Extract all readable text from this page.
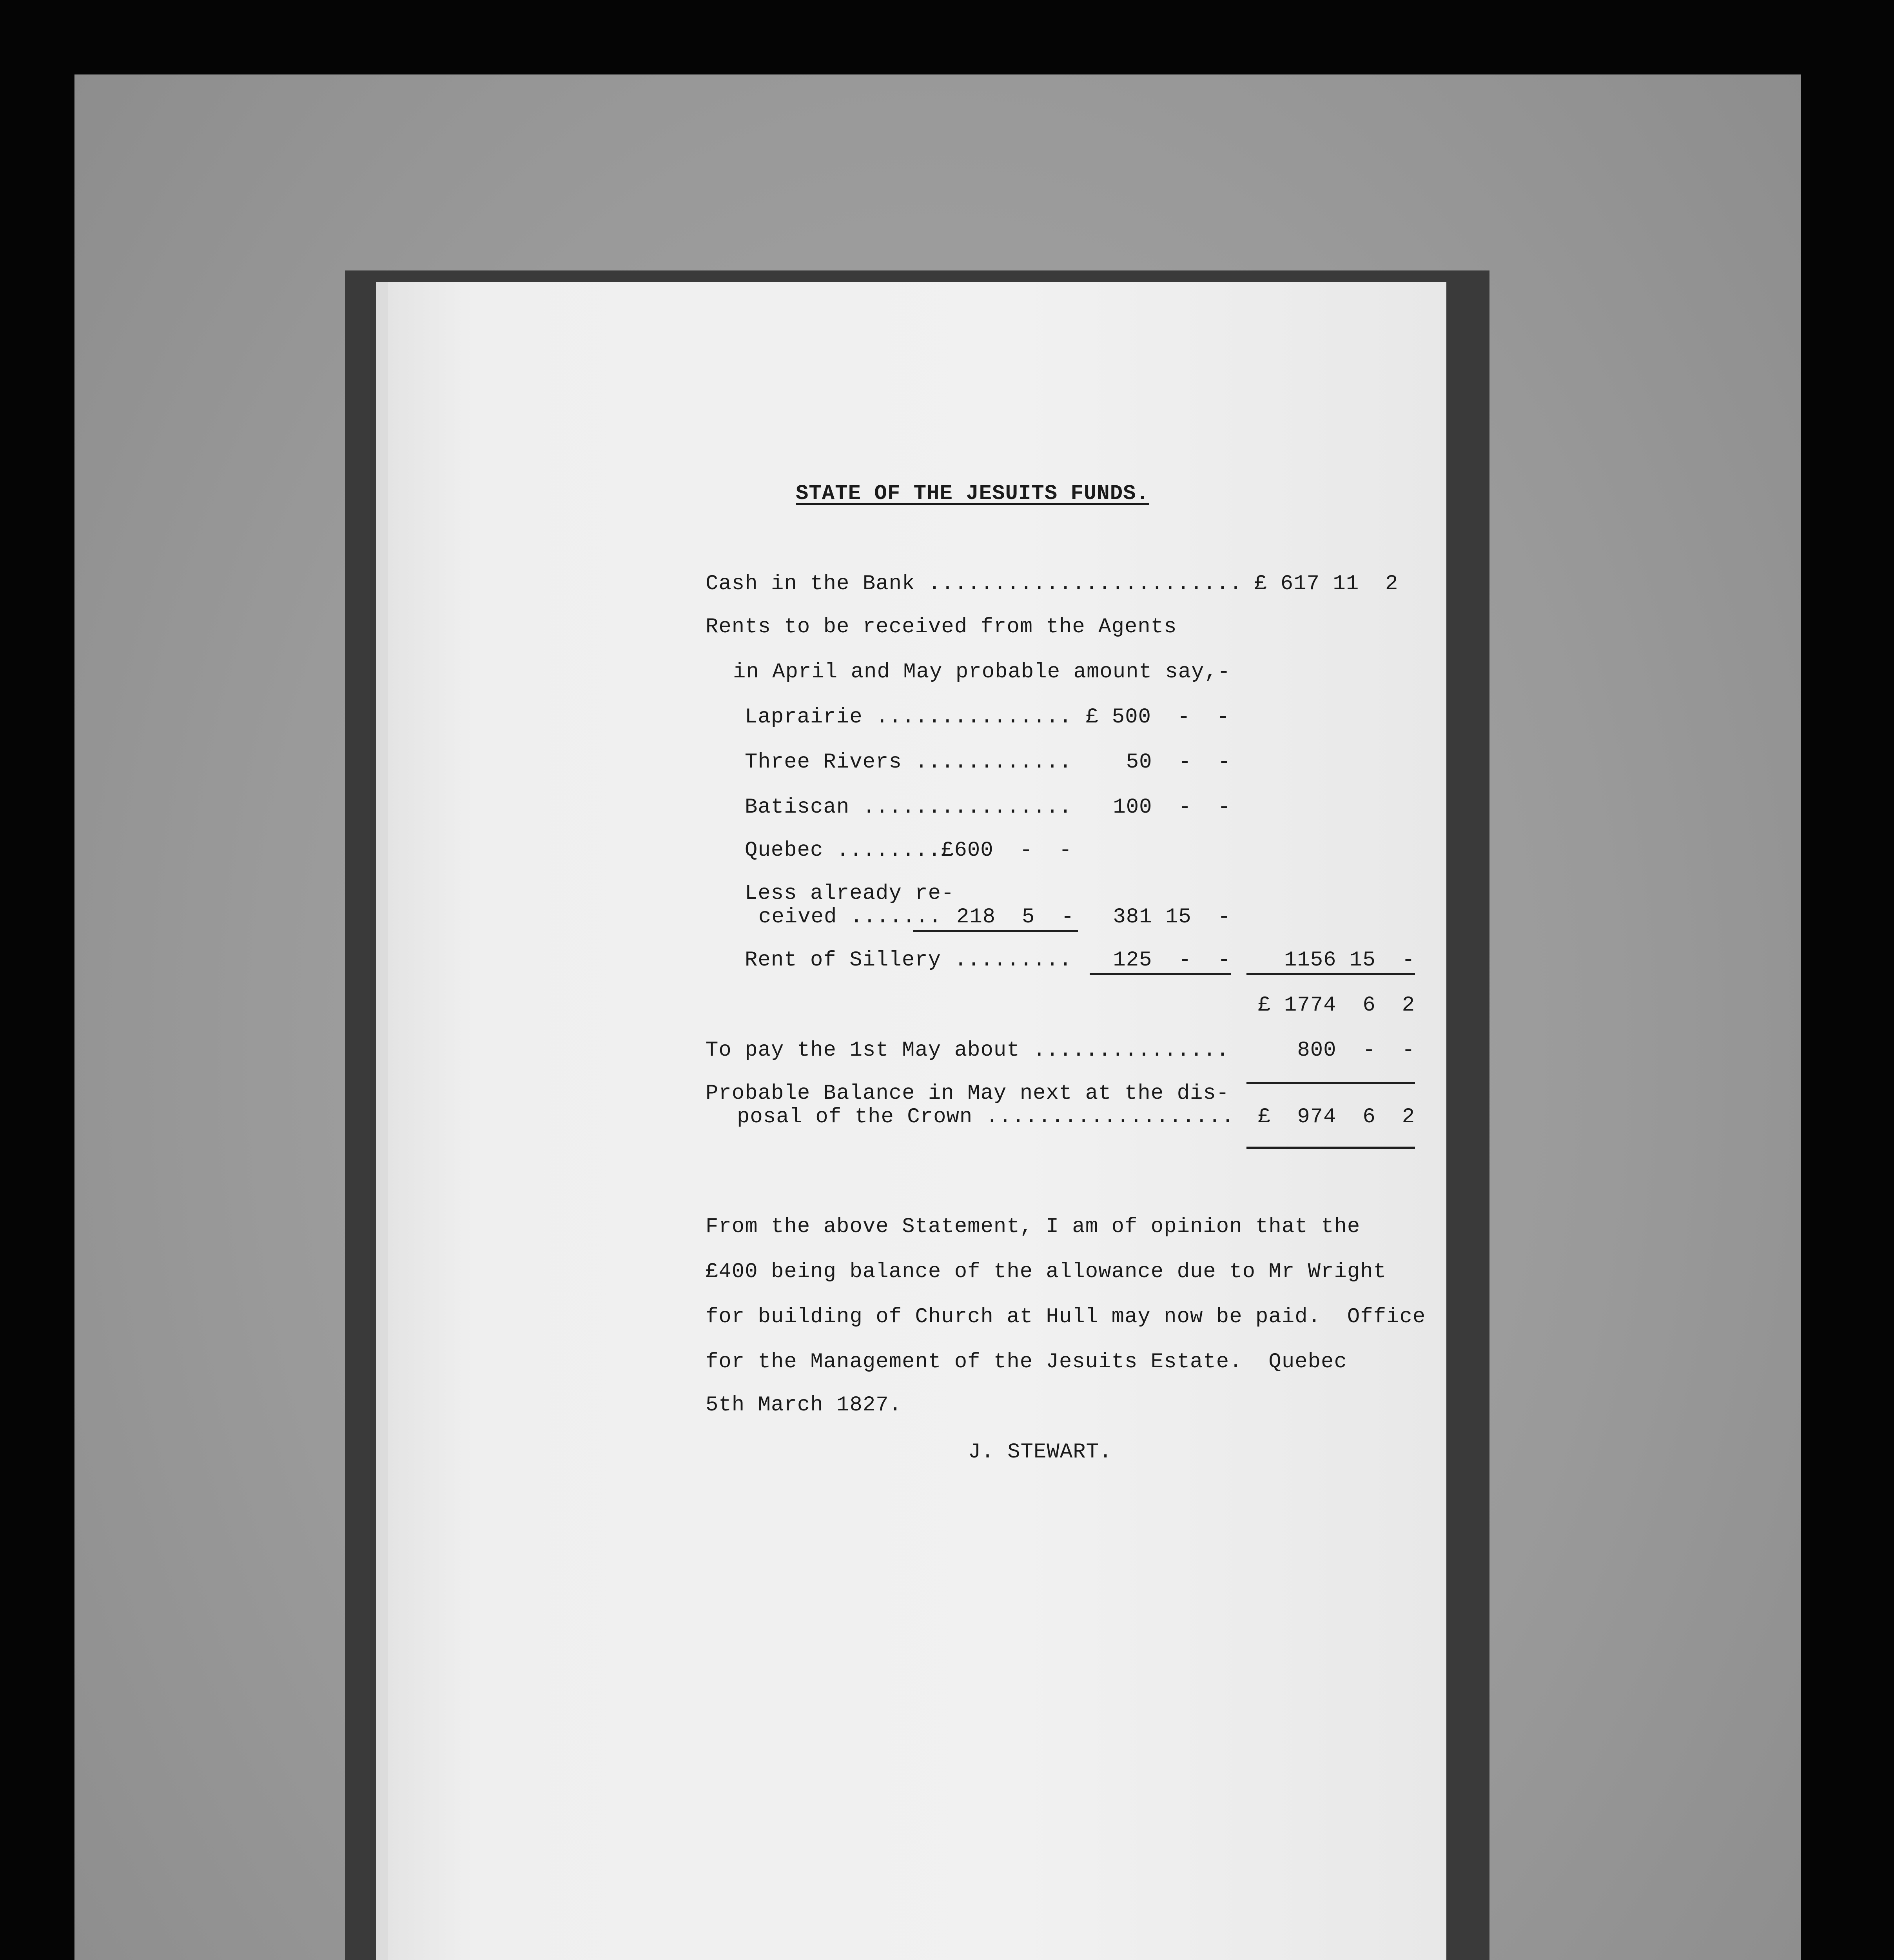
STATE OF THE JESUITS FUNDS.
Cash in the Bank ........................ £ 617 11  2
Rents to be received from the Agents
in April and May probable amount say,-
Laprairie ............... £ 500  -  -
Three Rivers ............	50  -  -
Batiscan ................	100  -  -
Quebec ........£600  -  -
Less already re-
ceived ....... 218  5  -	381 15  -
Rent of Sillery .........	125  -  -	1156 15  -
£ 1774  6  2
To pay the 1st May about ...............	800  -  -
Probable Balance in May next at the dis-
posal of the Crown ...................	£  974  6  2
From the above Statement, I am of opinion that the
£400 being balance of the allowance due to Mr Wright
for building of Church at Hull may now be paid.  Office
for the Management of the Jesuits Estate.  Quebec
5th March 1827.
J. STEWART.
